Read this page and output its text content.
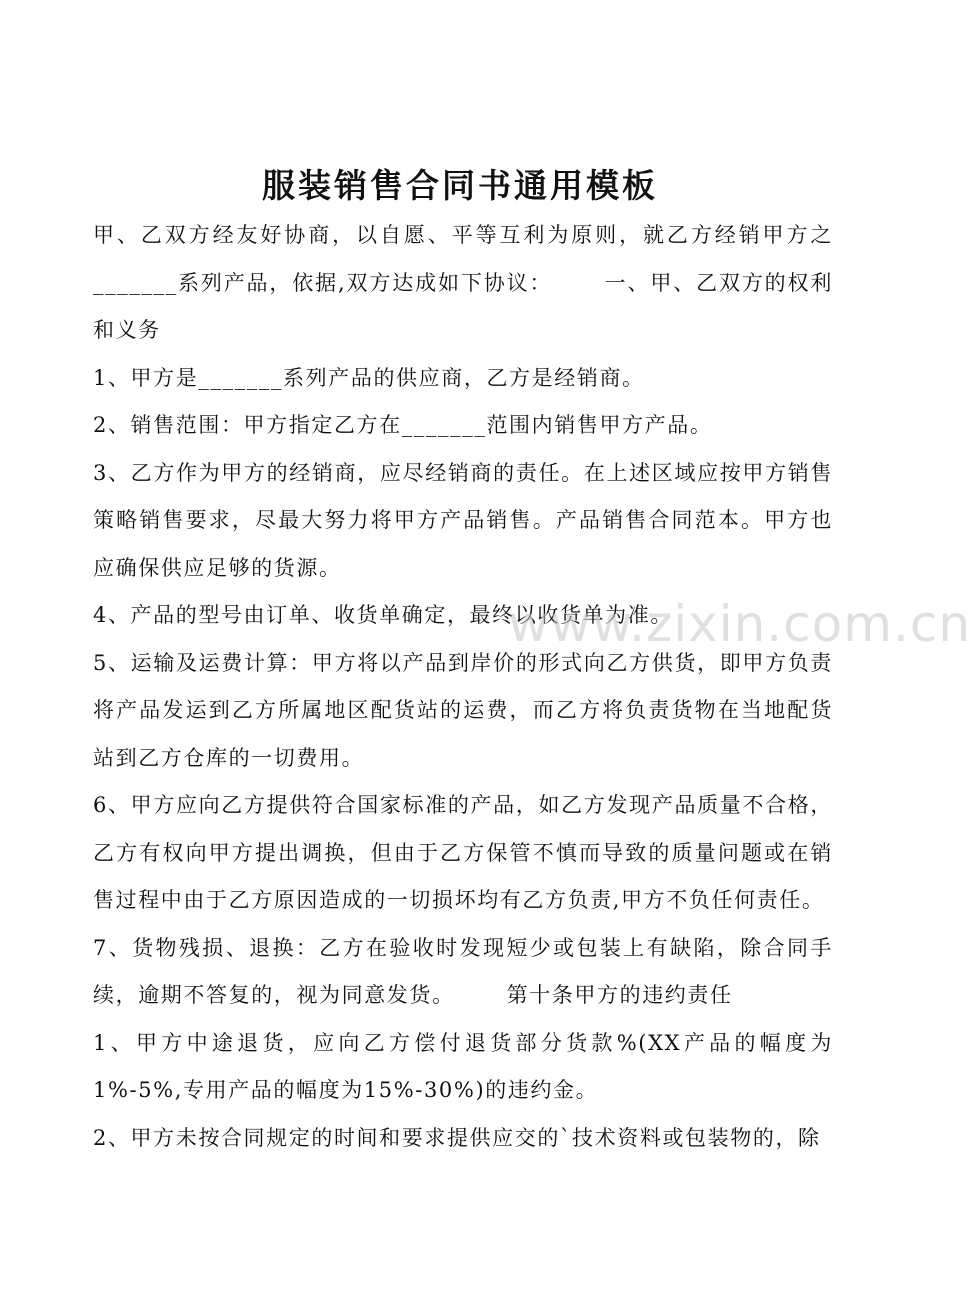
服装销售合同书通用模板

甲、乙双方经友好协商，以自愿、平等互利为原则，就乙方经销甲方之_______系列产品，依据,双方达成如下协议： 一、甲、乙双方的权利和义务

1、甲方是_______系列产品的供应商，乙方是经销商。

2、销售范围：甲方指定乙方在_______范围内销售甲方产品。

3、乙方作为甲方的经销商，应尽经销商的责任。在上述区域应按甲方销售策略销售要求，尽最大努力将甲方产品销售。产品销售合同范本。甲方也应确保供应足够的货源。

4、产品的型号由订单、收货单确定，最终以收货单为准。

5、运输及运费计算：甲方将以产品到岸价的形式向乙方供货，即甲方负责将产品发运到乙方所属地区配货站的运费，而乙方将负责货物在当地配货站到乙方仓库的一切费用。

6、甲方应向乙方提供符合国家标准的产品，如乙方发现产品质量不合格，乙方有权向甲方提出调换，但由于乙方保管不慎而导致的质量问题或在销售过程中由于乙方原因造成的一切损坏均有乙方负责,甲方不负任何责任。

7、货物残损、退换：乙方在验收时发现短少或包装上有缺陷，除合同手续，逾期不答复的，视为同意发货。 第十条甲方的违约责任

1、甲方中途退货，应向乙方偿付退货部分货款%(XX产品的幅度为1%-5%,专用产品的幅度为15%-30%)的违约金。

2、甲方未按合同规定的时间和要求提供应交的`技术资料或包装物的，除

www.zixin.com.cn
